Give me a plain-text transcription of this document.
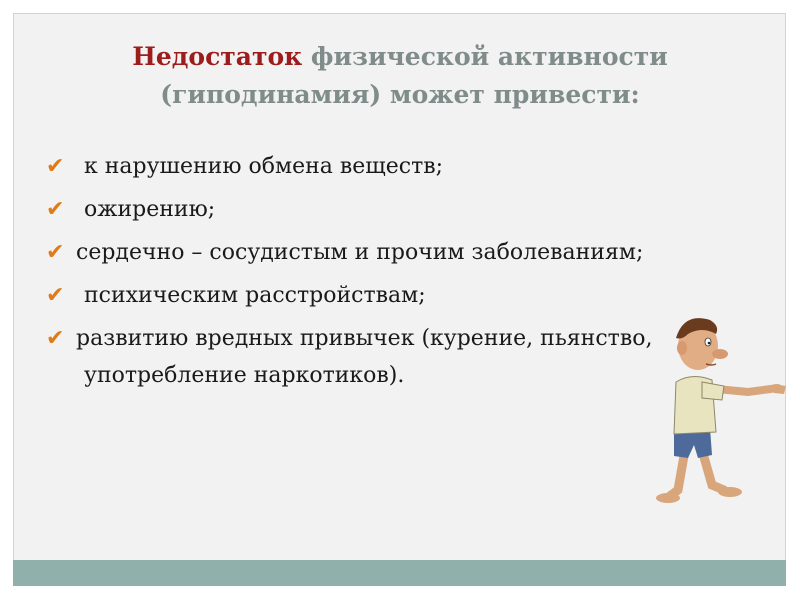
Недостаток физической активности (гиподинамия) может привести:
✔ к нарушению обмена веществ;
✔ ожирению;
✔ сердечно – сосудистым и прочим заболеваниям;
✔ психическим расстройствам;
✔ развитию вредных привычек (курение, пьянство, употребление наркотиков).
